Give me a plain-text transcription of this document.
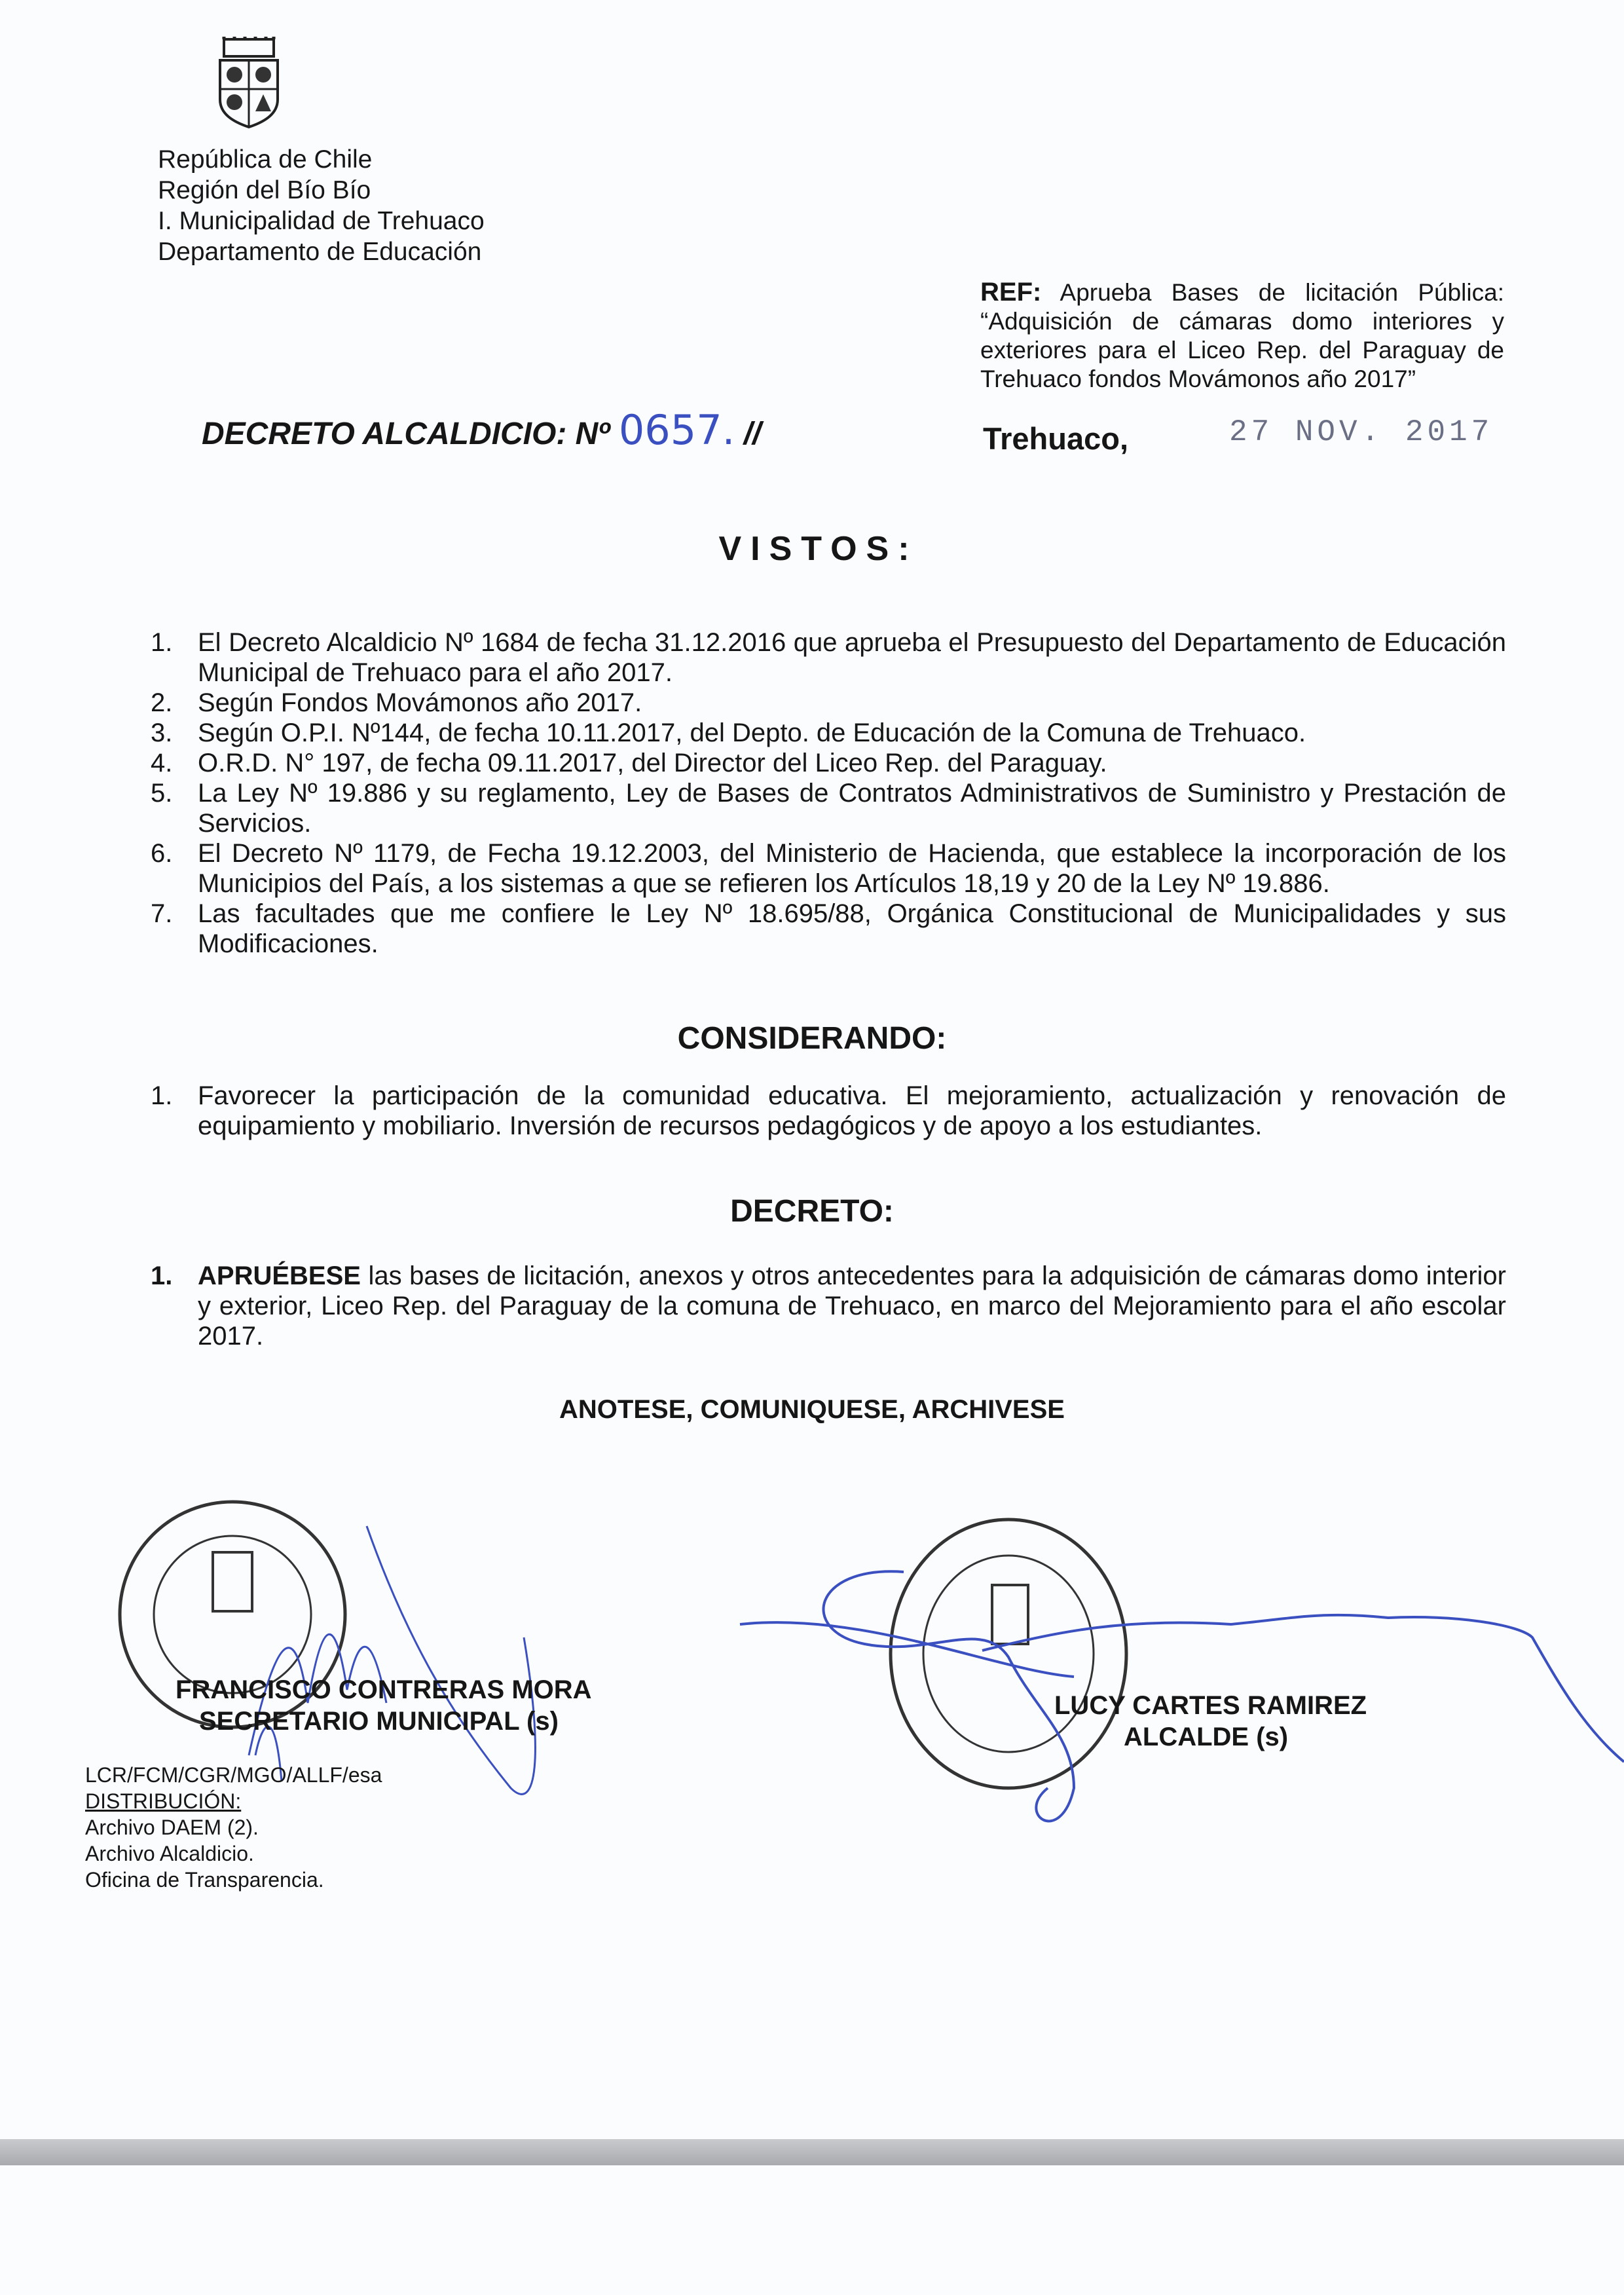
República de Chile
Región del Bío Bío
I. Municipalidad de Trehuaco
Departamento de Educación
REF: Aprueba Bases de licitación Pública: “Adquisición de cámaras domo interiores y exteriores para el Liceo Rep. del Paraguay de Trehuaco fondos Movámonos año 2017”
DECRETO ALCALDICIO: Nº 0657. //	Trehuaco,	27 NOV. 2017
VISTOS:
1. El Decreto Alcaldicio Nº 1684 de fecha 31.12.2016 que aprueba el Presupuesto del Departamento de Educación Municipal de Trehuaco para el año 2017.
2. Según Fondos Movámonos año 2017.
3. Según O.P.I. Nº144, de fecha 10.11.2017, del Depto. de Educación de la Comuna de Trehuaco.
4. O.R.D. N° 197, de fecha 09.11.2017, del Director del Liceo Rep. del Paraguay.
5. La Ley Nº 19.886 y su reglamento, Ley de Bases de Contratos Administrativos de Suministro y Prestación de Servicios.
6. El Decreto Nº 1179, de Fecha 19.12.2003, del Ministerio de Hacienda, que establece la incorporación de los Municipios del País, a los sistemas a que se refieren los Artículos 18,19 y 20 de la Ley Nº 19.886.
7. Las facultades que me confiere le Ley Nº 18.695/88, Orgánica Constitucional de Municipalidades y sus Modificaciones.
CONSIDERANDO:
1. Favorecer la participación de la comunidad educativa. El mejoramiento, actualización y renovación de equipamiento y mobiliario. Inversión de recursos pedagógicos y de apoyo a los estudiantes.
DECRETO:
1. APRUÉBESE las bases de licitación, anexos y otros antecedentes para la adquisición de cámaras domo interior y exterior, Liceo Rep. del Paraguay de la comuna de Trehuaco, en marco del Mejoramiento para el año escolar 2017.
ANOTESE, COMUNIQUESE, ARCHIVESE
FRANCISCO CONTRERAS MORA
SECRETARIO MUNICIPAL (s)
LUCY CARTES RAMIREZ
ALCALDE (s)
LCR/FCM/CGR/MGO/ALLF/esa
DISTRIBUCIÓN:
Archivo DAEM (2).
Archivo Alcaldicio.
Oficina de Transparencia.
